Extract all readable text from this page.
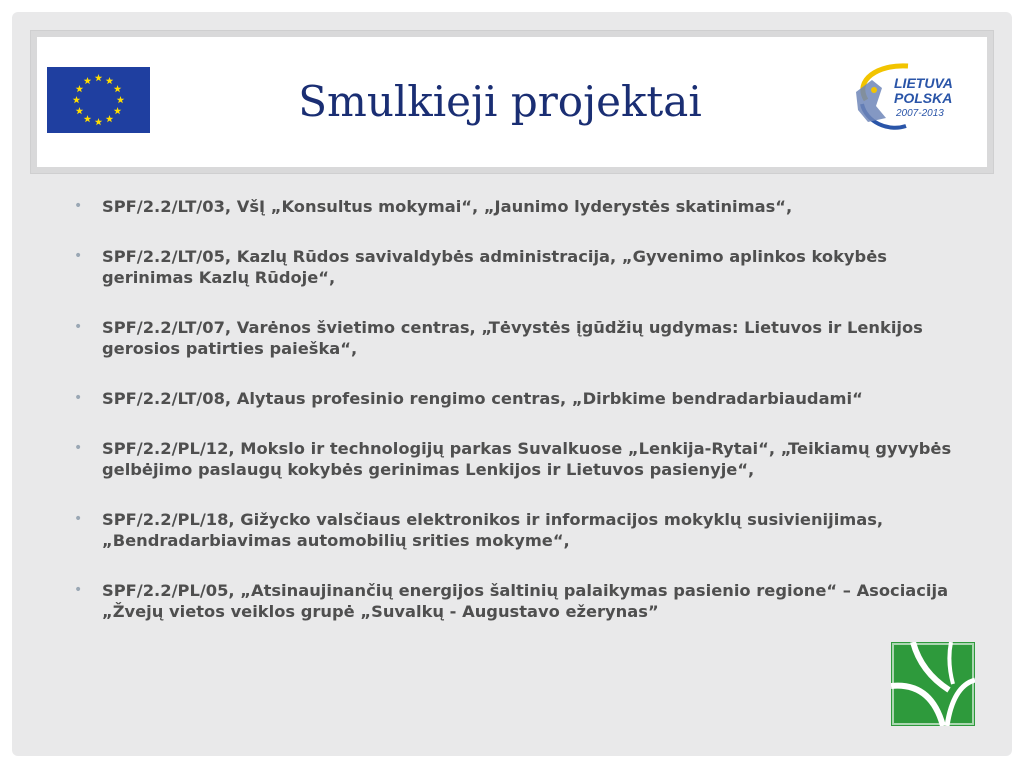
Smulkieji projektai	LIETUVA
POLSKA
2007-2013
• SPF/2.2/LT/03, VšĮ „Konsultus mokymai“, „Jaunimo lyderystės skatinimas“,
• SPF/2.2/LT/05, Kazlų Rūdos savivaldybės administracija, „Gyvenimo aplinkos kokybės gerinimas Kazlų Rūdoje“,
• SPF/2.2/LT/07, Varėnos švietimo centras, „Tėvystės įgūdžių ugdymas: Lietuvos ir Lenkijos gerosios patirties paieška“,
• SPF/2.2/LT/08, Alytaus profesinio rengimo centras, „Dirbkime bendradarbiaudami“
• SPF/2.2/PL/12, Mokslo ir technologijų parkas Suvalkuose „Lenkija-Rytai“, „Teikiamų gyvybės gelbėjimo paslaugų kokybės gerinimas Lenkijos ir Lietuvos pasienyje“,
• SPF/2.2/PL/18, Gižycko valsčiaus elektronikos ir informacijos mokyklų susivienijimas, „Bendradarbiavimas automobilių srities mokyme“,
• SPF/2.2/PL/05, „Atsinaujinančių energijos šaltinių palaikymas pasienio regione“ – Asociacija „Žvejų vietos veiklos grupė „Suvalkų - Augustavo ežerynas”
